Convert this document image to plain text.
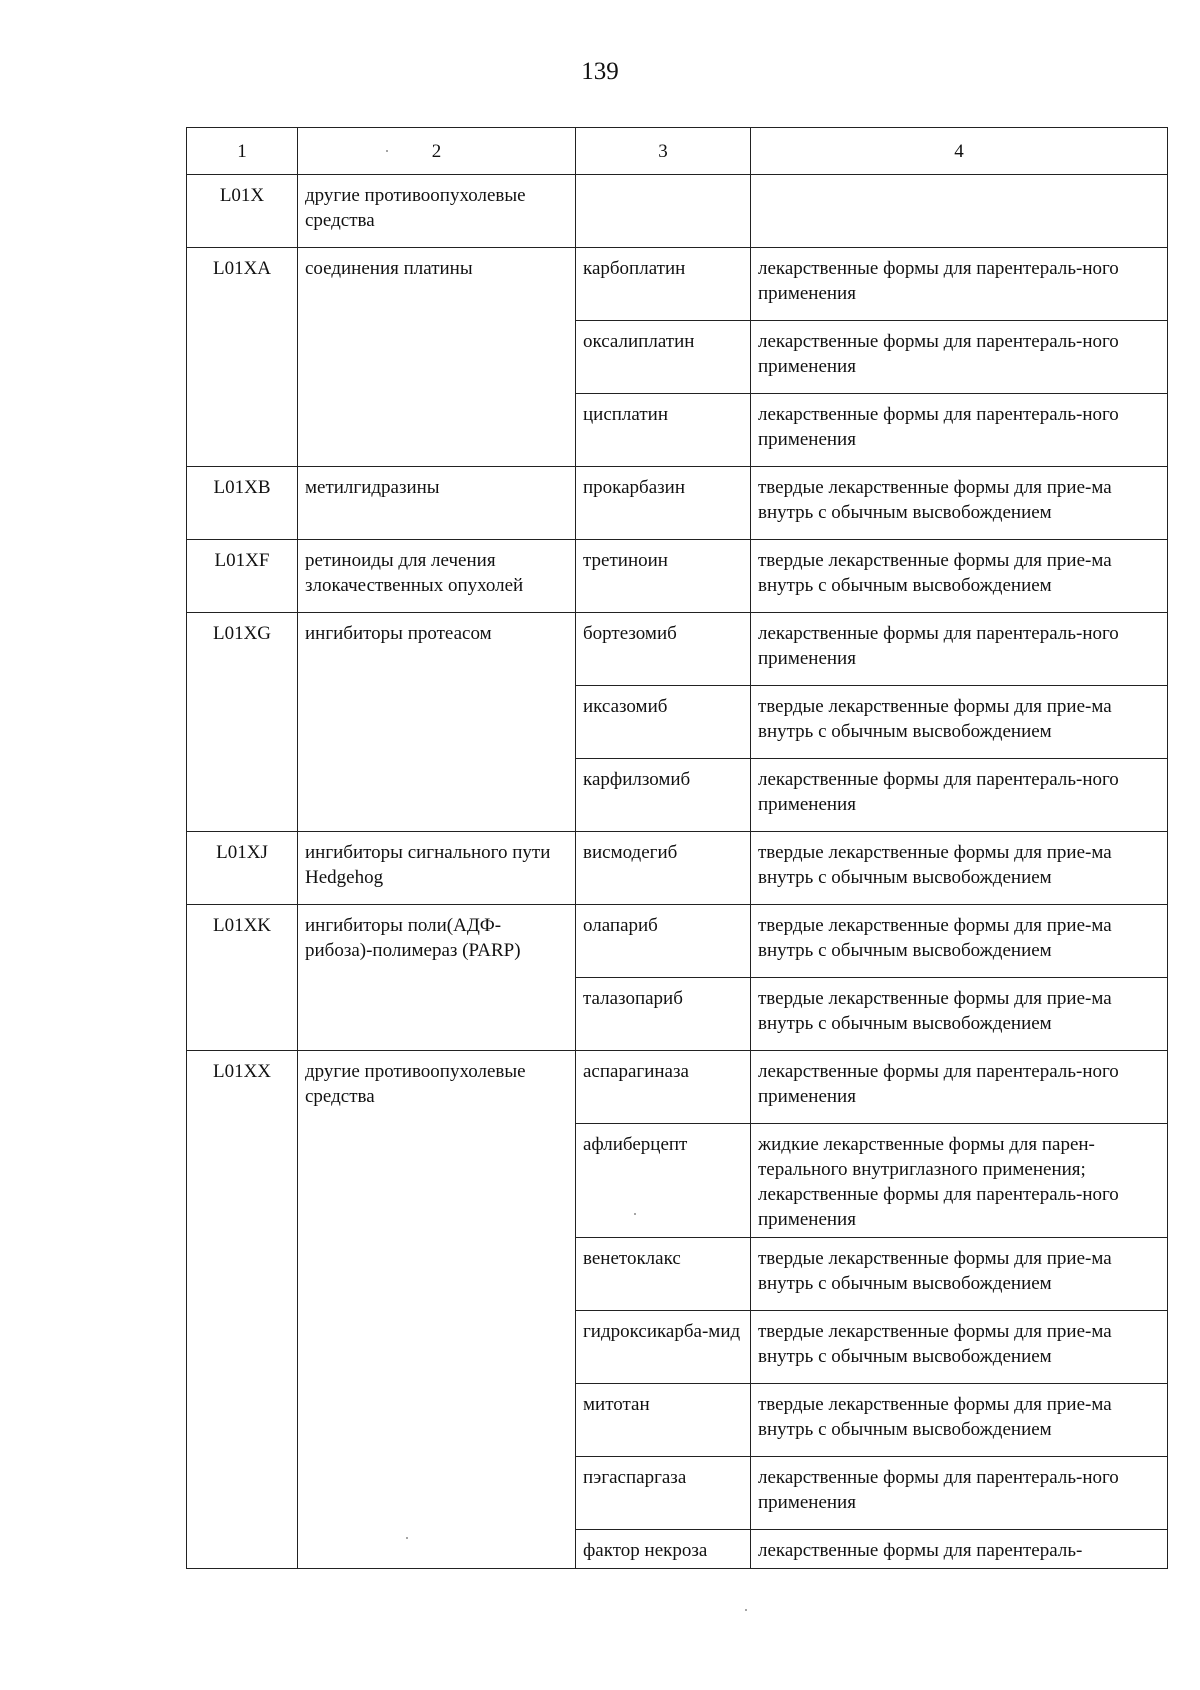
139
1	2	3	4
L01X	другие противоопухолевые средства		
L01XA	соединения платины	карбоплатин	лекарственные формы для парентераль-ного применения
		оксалиплатин	лекарственные формы для парентераль-ного применения
		цисплатин	лекарственные формы для парентераль-ного применения
L01XB	метилгидразины	прокарбазин	твердые лекарственные формы для прие-ма внутрь с обычным высвобождением
L01XF	ретиноиды для лечения злокачественных опухолей	третиноин	твердые лекарственные формы для прие-ма внутрь с обычным высвобождением
L01XG	ингибиторы протеасом	бортезомиб	лекарственные формы для парентераль-ного применения
		иксазомиб	твердые лекарственные формы для прие-ма внутрь с обычным высвобождением
		карфилзомиб	лекарственные формы для парентераль-ного применения
L01XJ	ингибиторы сигнального пути Hedgehog	висмодегиб	твердые лекарственные формы для прие-ма внутрь с обычным высвобождением
L01XK	ингибиторы поли(АДФ-рибоза)-полимераз (PARP)	олапариб	твердые лекарственные формы для прие-ма внутрь с обычным высвобождением
		талазопариб	твердые лекарственные формы для прие-ма внутрь с обычным высвобождением
L01XX	другие противоопухолевые средства	аспарагиназа	лекарственные формы для парентераль-ного применения
		афлиберцепт	жидкие лекарственные формы для парен-терального внутриглазного применения; лекарственные формы для парентераль-ного применения
		венетоклакс	твердые лекарственные формы для прие-ма внутрь с обычным высвобождением
		гидроксикарба-мид	твердые лекарственные формы для прие-ма внутрь с обычным высвобождением
		митотан	твердые лекарственные формы для прие-ма внутрь с обычным высвобождением
		пэгаспаргаза	лекарственные формы для парентераль-ного применения
		фактор некроза	лекарственные формы для парентераль-
